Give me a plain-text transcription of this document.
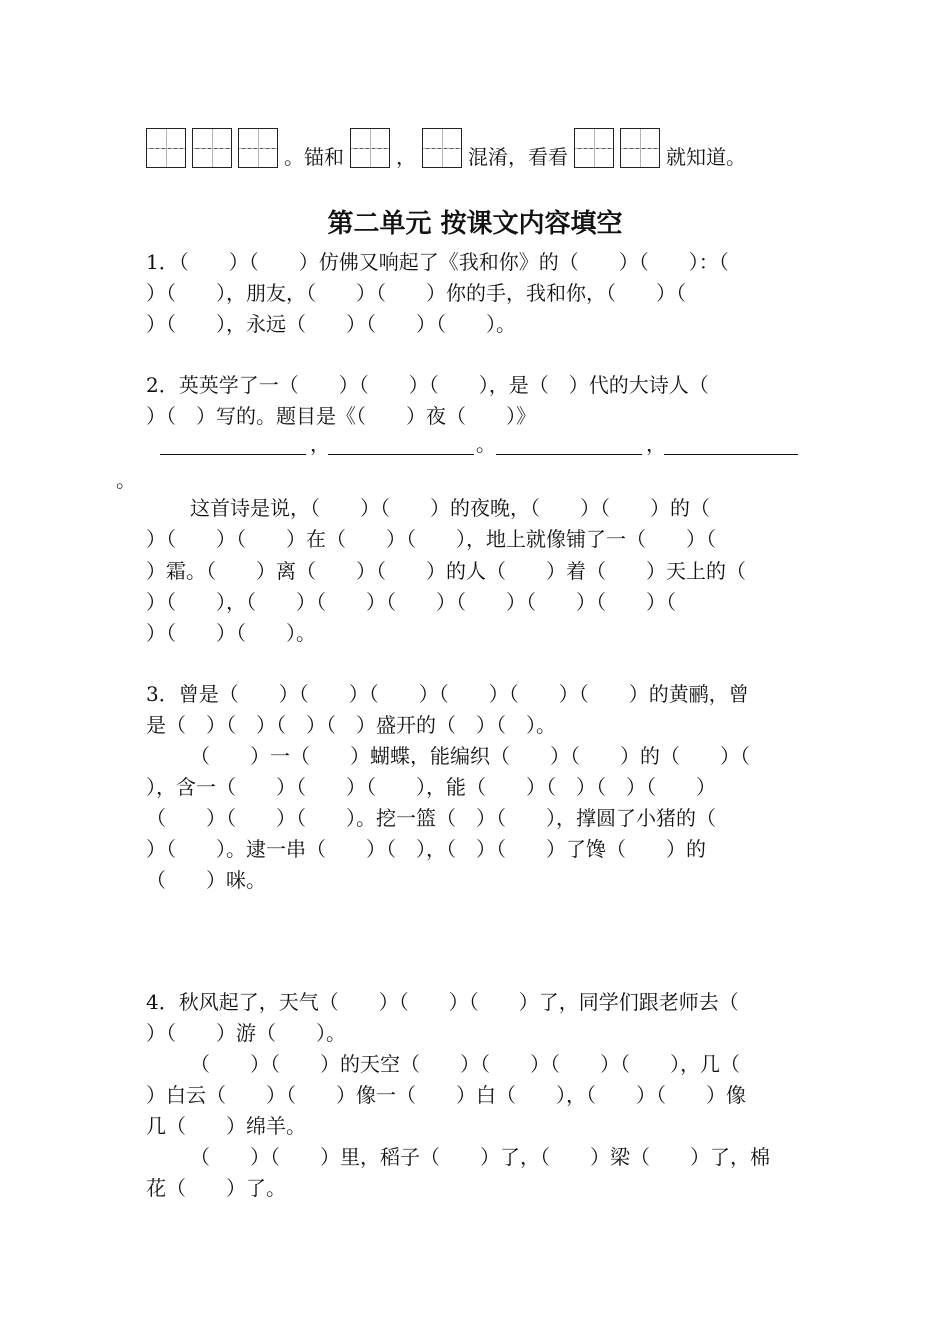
。锚和	，	混淆，看看	就知道。
第二单元 按课文内容填空
1．（　　）（　　）仿佛又响起了《我和你》的（　　）（　　）：（
）（　　），朋友，（　　）（　　）你的手，我和你，（　　）（
）（　　），永远（　　）（　　）（　　）。
2．英英学了一（　　）（　　）（　　），是（　）代的大诗人（
）（　）写的。题目是《（　　）夜（　　）》
，	。	，
。
这首诗是说，（　　）（　　）的夜晚，（　　）（　　）的（
）（　　）（　　）在（　　）（　　），地上就像铺了一（　　）（
）霜。（　　）离（　　）（　　）的人（　　）着（　　）天上的（
）（　　），（　　）（　　）（　　）（　　）（　　）（　　）（
）（　　）（　　）。
3．曾是（　　）（　　）（　　）（　　）（　　）（　　）的黄鹂，曾
是（　）（　）（　）（　）盛开的（　）（　）。
（　　）一（　　）蝴蝶，能编织（　　）（　　）的（　　）（
），含一（　　）（　　）（　　），能（　　）（　）（　）（　　）
（　　）（　　）（　　）。挖一篮（　）（　　），撑圆了小猪的（
）（　　）。逮一串（　　）（　），（　）（　　）了馋（　　）的
（　　）咪。
4．秋风起了，天气（　　）（　　）（　　）了，同学们跟老师去（
）（　　）游（　　）。
（　　）（　　）的天空（　　）（　　）（　　）（　　），几（
）白云（　　）（　　）像一（　　）白（　　），（　　）（　　）像
几（　　）绵羊。
（　　）（　　）里，稻子（　　）了，（　　）梁（　　）了，棉
花（　　）了。
